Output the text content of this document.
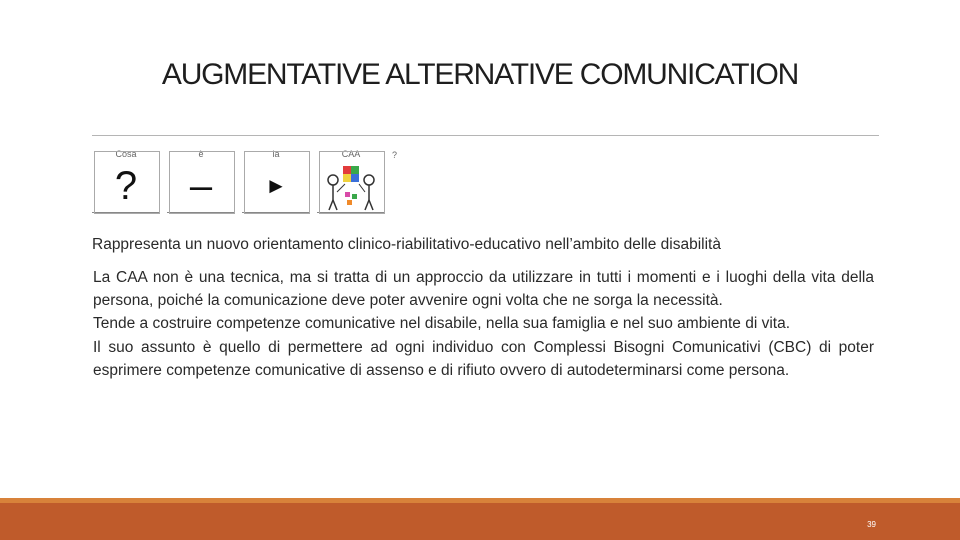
AUGMENTATIVE ALTERNATIVE COMUNICATION
Cosa
?
è
–
la
►
CAA	?
Rappresenta un nuovo orientamento clinico-riabilitativo-educativo nell’ambito delle disabilità

La CAA non è una tecnica, ma si tratta di un approccio da utilizzare in tutti i momenti e i luoghi della vita della persona, poiché la comunicazione deve poter avvenire ogni volta che ne sorga la necessità.

Tende a costruire competenze comunicative nel disabile, nella sua famiglia e nel suo ambiente di vita.

Il suo assunto è quello di permettere ad ogni individuo con Complessi Bisogni Comunicativi (CBC) di poter esprimere competenze comunicative di assenso e di rifiuto ovvero di autodeterminarsi come persona.

39
